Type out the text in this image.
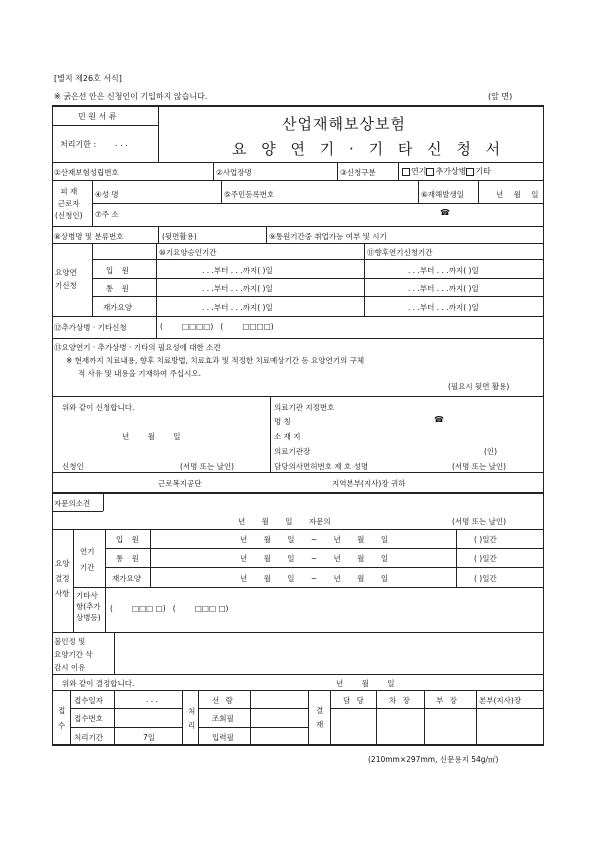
[별지 제26호 서식]
※ 굵은선 안은 신청인이 기입하지 않습니다.	(앞 면)
민 원 서 류
처리기한 : . . .
산업재해보상보험
요 양 연 기 · 기 타 신 청 서
①산재보험성립번호	②사업장명	③신청구분	연기 추가상병 기타
피 재
근로자
(신청인)
④성 명	⑤주민등록번호	⑥재해발생일	년 월 일
⑦주 소	☎
⑧상병명 및 분류번호	(뒷면활용)	⑨통원기간중 취업가능 여부 및 시기
요양연
기신청
⑩기요양승인기간	⑪향후연기신청기간
입 원	. . .부터 . . .까지( )일	. . .부터 . . .까지( )일
통 원	. . .부터 . . .까지( )일	. . .부터 . . .까지( )일
재가요양	. . .부터 . . .까지( )일	. . .부터 . . .까지( )일
⑫추가상병 · 기타신청	(        □□□□)   (        □□□□)
⑬요양연기 · 추가상병 · 기타의 필요성에 대한 소견
※ 현재까지 치료내용, 향후 치료방법, 치료효과 및 적정한 치료예상기간 등 요양연기의 구체
적 사유 및 내용을 기재하여 주십시오.
(필요시 뒷면 활용)
위와 같이 신청합니다.
년 월 일
신청인	(서명 또는 날인)
의료기관 지정번호
명 칭	☎
소 재 지
의료기관장	(인)
담당의사면허번호 제 호 성명	(서명 또는 날인)
근로복지공단	지역본부(지사)장 귀하
자문의소견
년 월 일 자문의	(서명 또는 날인)
요양
결정
사항
연기
기간
입 원	년 월 일 ~ 년 월 일	( )일간
통 원	년 월 일 ~ 년 월 일	( )일간
재가요양	년 월 일 ~ 년 월 일	( )일간
기타사
항(추가
상병등)
(        □□□ □)   (        □□□ □)
불인정 및
요양기간 삭
감시 이유
위와 같이 결정합니다.	년 월 일
접
수
접수일자	. . .
접수번호
처리기간	7일
처
리
선 람
조회필
입력필
결
재
담 당	차 장	부 장	본부(지사)장
(210mm×297mm, 신문용지 54g/㎡)
